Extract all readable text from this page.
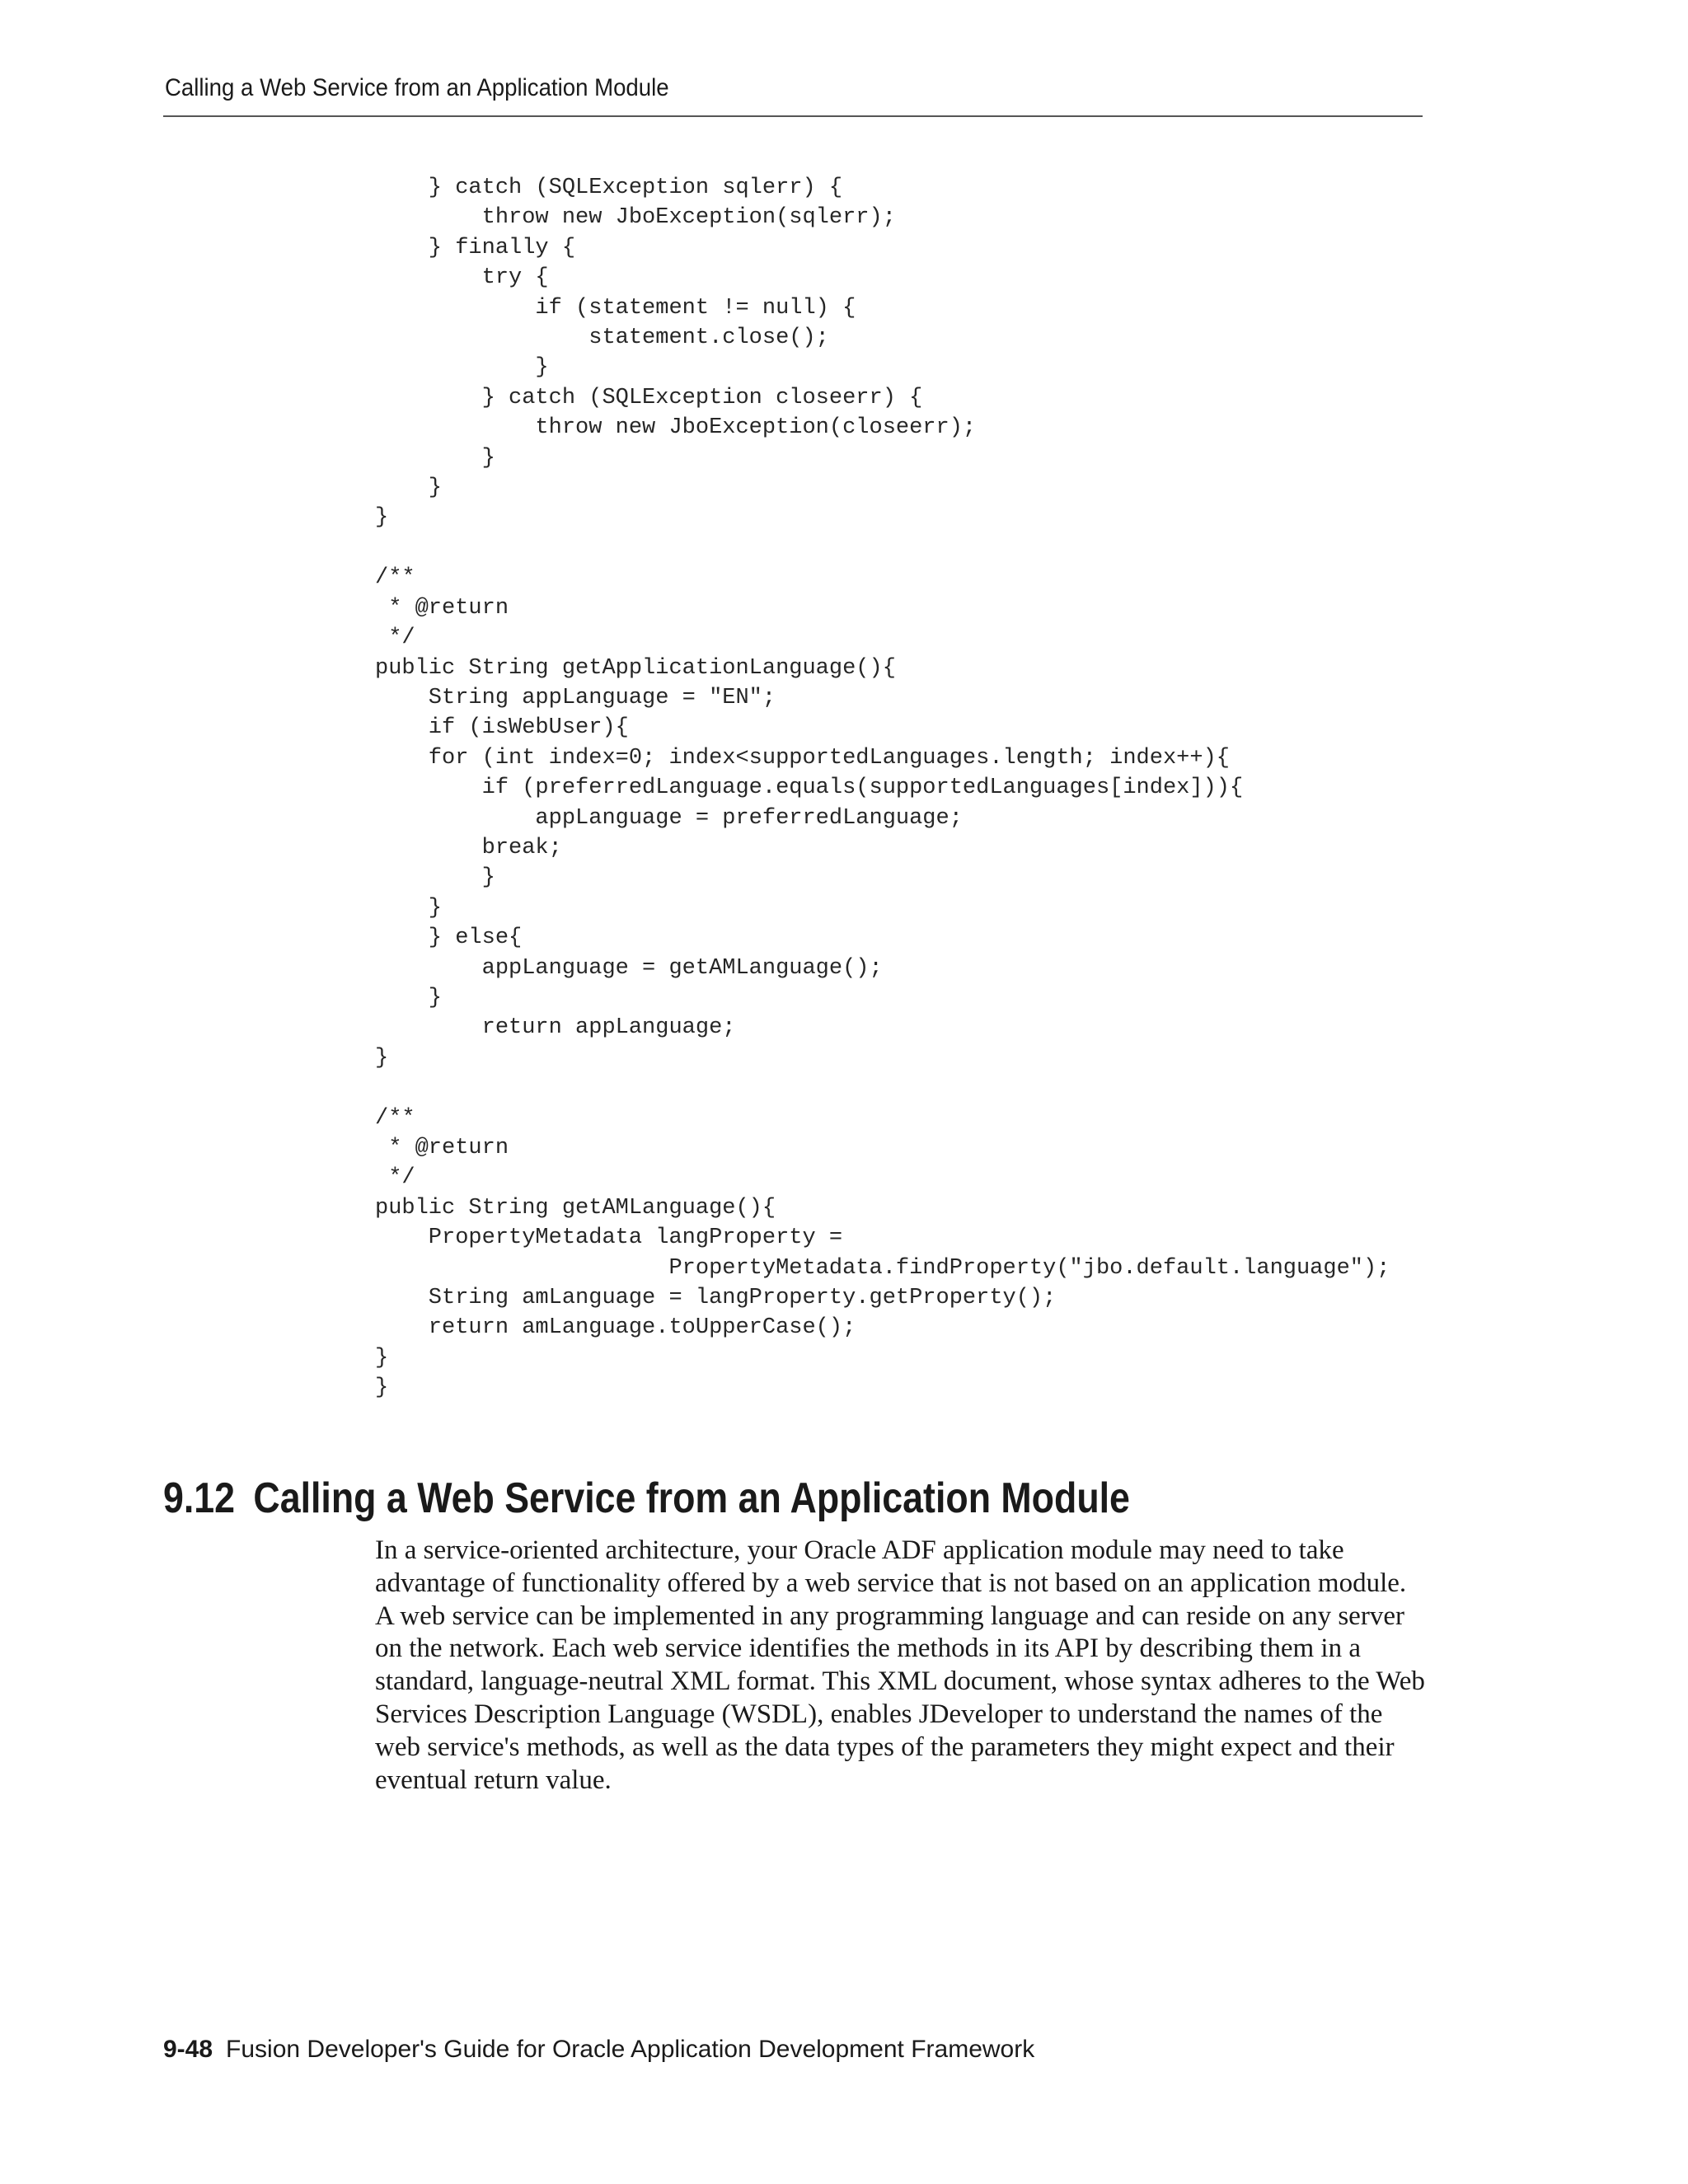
Calling a Web Service from an Application Module
} catch (SQLException sqlerr) {
throw new JboException(sqlerr);
} finally {
try {
if (statement != null) {
statement.close();
}
} catch (SQLException closeerr) {
throw new JboException(closeerr);
}
}
}

/**
* @return
*/
public String getApplicationLanguage(){
String appLanguage = "EN";
if (isWebUser){
for (int index=0; index<supportedLanguages.length; index++){
if (preferredLanguage.equals(supportedLanguages[index])){
appLanguage = preferredLanguage;
break;
}
}
} else{
appLanguage = getAMLanguage();
}
return appLanguage;
}

/**
* @return
*/
public String getAMLanguage(){
PropertyMetadata langProperty =
PropertyMetadata.findProperty("jbo.default.language");
String amLanguage = langProperty.getProperty();
return amLanguage.toUpperCase();
}
}
9.12 Calling a Web Service from an Application Module

In a service-oriented architecture, your Oracle ADF application module may need to take advantage of functionality offered by a web service that is not based on an application module. A web service can be implemented in any programming language and can reside on any server on the network. Each web service identifies the methods in its API by describing them in a standard, language-neutral XML format. This XML document, whose syntax adheres to the Web Services Description Language (WSDL), enables JDeveloper to understand the names of the web service's methods, as well as the data types of the parameters they might expect and their eventual return value.

9-48 Fusion Developer's Guide for Oracle Application Development Framework
